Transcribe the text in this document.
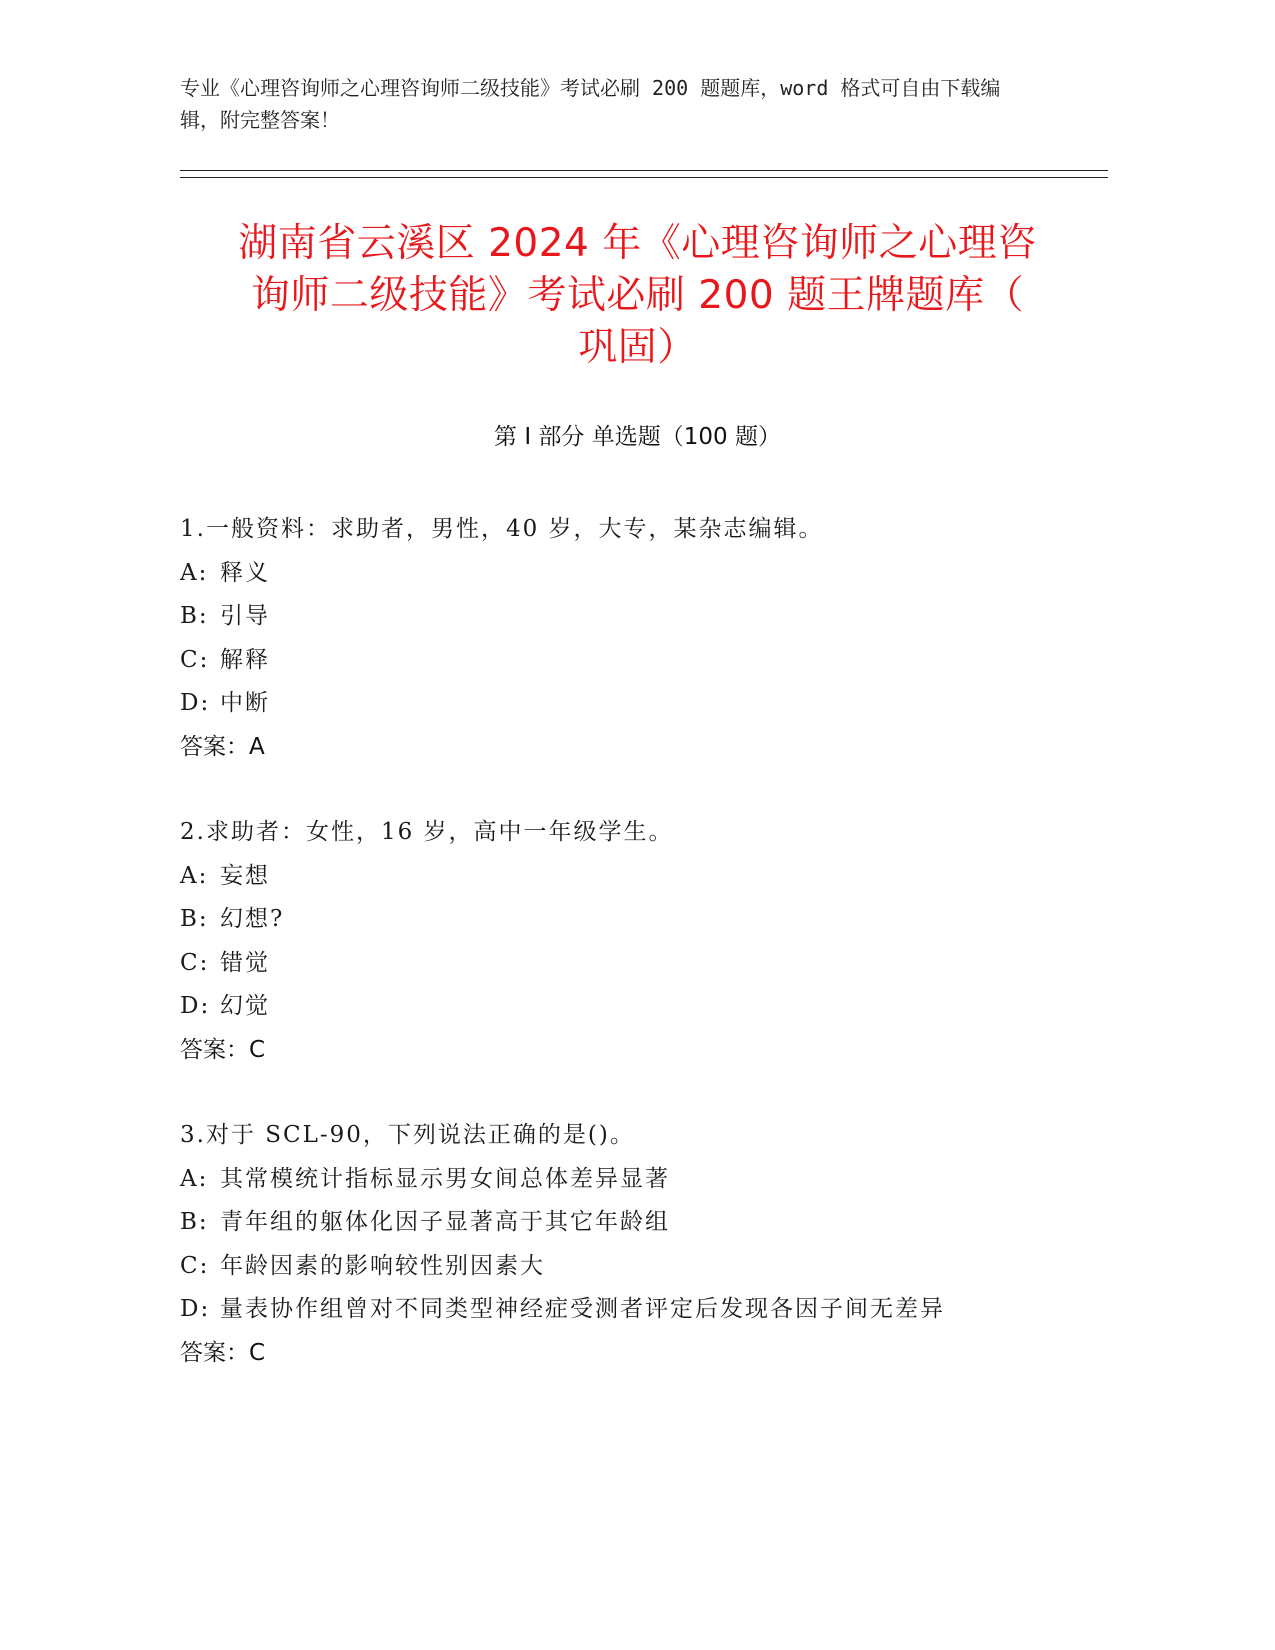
专业《心理咨询师之心理咨询师二级技能》考试必刷 200 题题库，word 格式可自由下载编辑，附完整答案！
湖南省云溪区 2024 年《心理咨询师之心理咨
询师二级技能》考试必刷 200 题王牌题库（
巩固）
第 I 部分 单选题（100 题）
1.一般资料：求助者，男性，40 岁，大专，某杂志编辑。
A: 释义
B: 引导
C: 解释
D: 中断
答案：A
2.求助者：女性，16 岁，高中一年级学生。
A: 妄想
B: 幻想?
C: 错觉
D: 幻觉
答案：C
3.对于 SCL-90，下列说法正确的是()。
A: 其常模统计指标显示男女间总体差异显著
B: 青年组的躯体化因子显著高于其它年龄组
C: 年龄因素的影响较性别因素大
D: 量表协作组曾对不同类型神经症受测者评定后发现各因子间无差异
答案：C
